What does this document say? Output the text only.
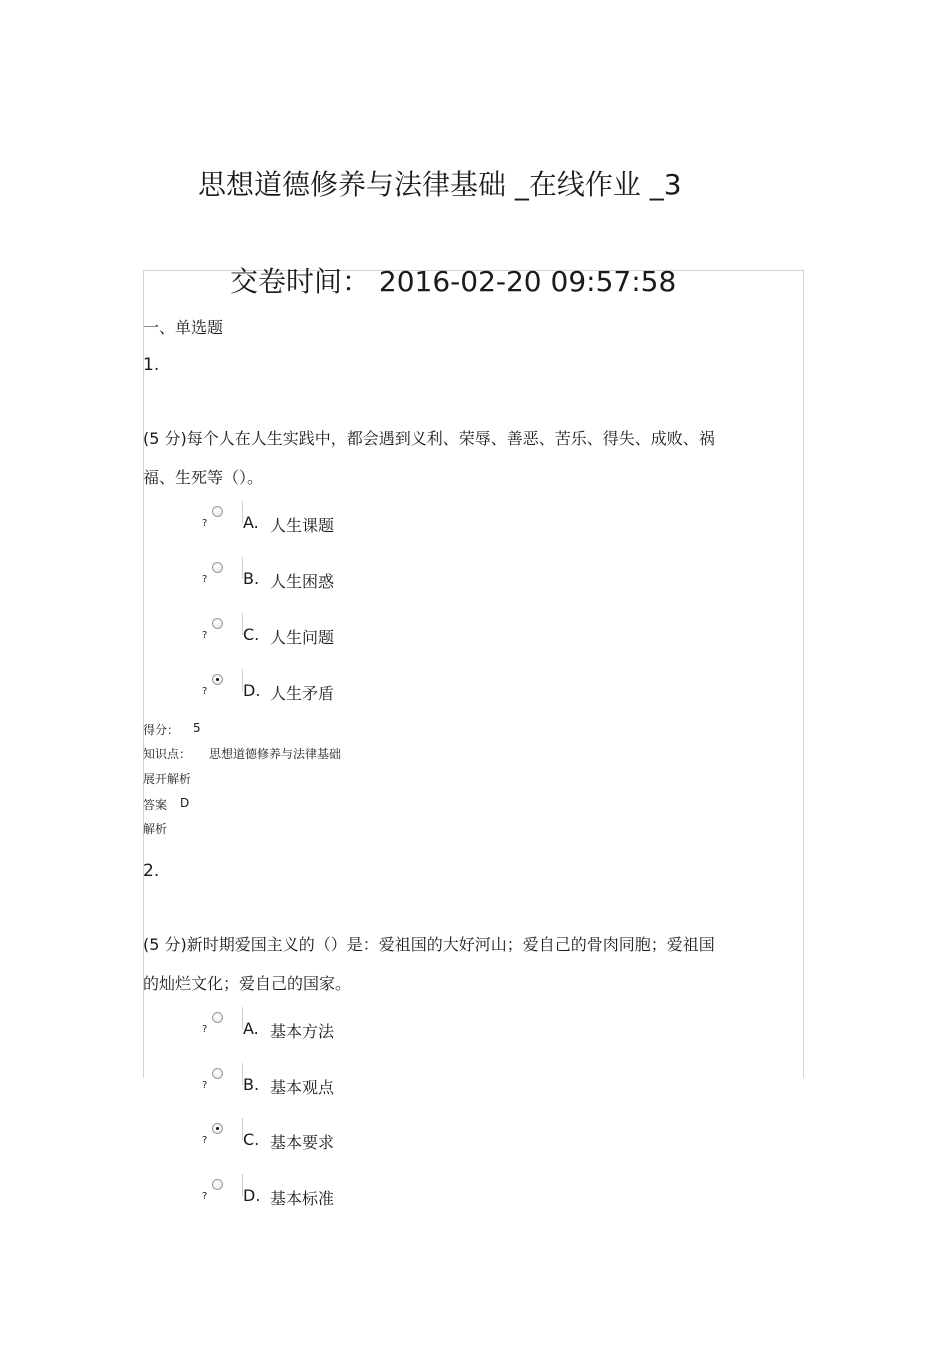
思想道德修养与法律基础 _在线作业 _3
交卷时间： 2016-02-20 09:57:58
一、单选题
1.
(5 分)每个人在人生实践中，都会遇到义利、荣辱、善恶、苦乐、得失、成败、祸
福、生死等（）。
? A. 人生课题
? B. 人生困惑
? C. 人生问题
? D. 人生矛盾
得分： 5
知识点： 思想道德修养与法律基础
展开解析
答案 D
解析
2.
(5 分)新时期爱国主义的（）是：爱祖国的大好河山；爱自己的骨肉同胞；爱祖国
的灿烂文化；爱自己的国家。
? A. 基本方法
? B. 基本观点
? C. 基本要求
? D. 基本标准
